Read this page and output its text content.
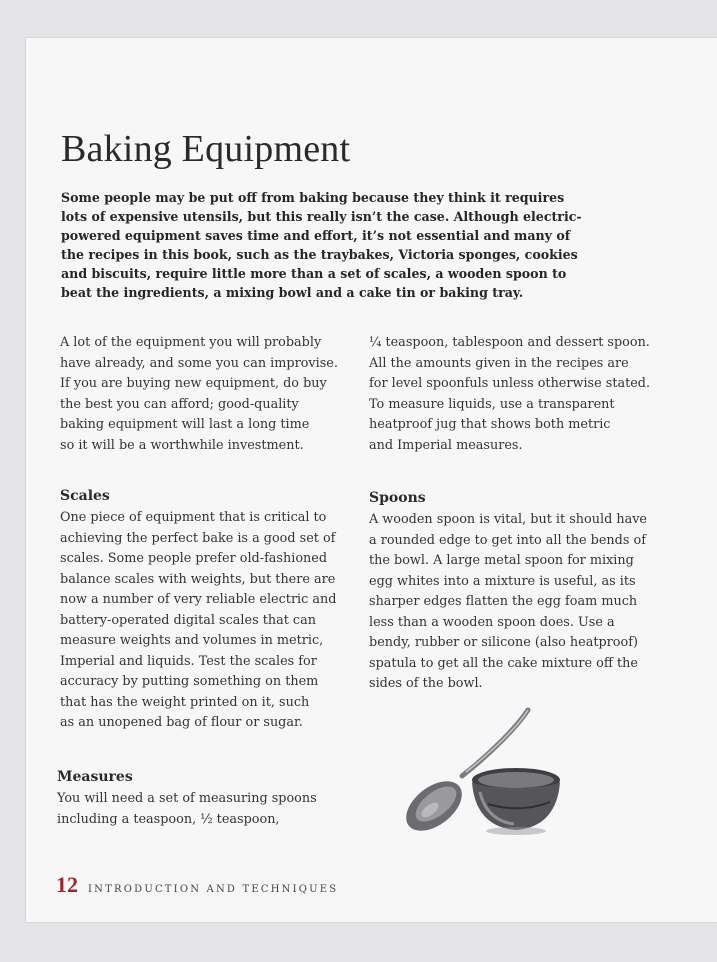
Baking Equipment
Some people may be put off from baking because they think it requires
lots of expensive utensils, but this really isn’t the case. Although electric-
powered equipment saves time and effort, it’s not essential and many of
the recipes in this book, such as the traybakes, Victoria sponges, cookies
and biscuits, require little more than a set of scales, a wooden spoon to
beat the ingredients, a mixing bowl and a cake tin or baking tray.
A lot of the equipment you will probably
have already, and some you can improvise.
If you are buying new equipment, do buy
the best you can afford; good-quality
baking equipment will last a long time
so it will be a worthwhile investment.
¼ teaspoon, tablespoon and dessert spoon.
All the amounts given in the recipes are
for level spoonfuls unless otherwise stated.
To measure liquids, use a transparent
heatproof jug that shows both metric
and Imperial measures.
Scales
One piece of equipment that is critical to
achieving the perfect bake is a good set of
scales. Some people prefer old-fashioned
balance scales with weights, but there are
now a number of very reliable electric and
battery-operated digital scales that can
measure weights and volumes in metric,
Imperial and liquids. Test the scales for
accuracy by putting something on them
that has the weight printed on it, such
as an unopened bag of flour or sugar.
Spoons
A wooden spoon is vital, but it should have
a rounded edge to get into all the bends of
the bowl. A large metal spoon for mixing
egg whites into a mixture is useful, as its
sharper edges flatten the egg foam much
less than a wooden spoon does. Use a
bendy, rubber or silicone (also heatproof)
spatula to get all the cake mixture off the
sides of the bowl.
Measures
You will need a set of measuring spoons
including a teaspoon, ½ teaspoon,
12 INTRODUCTION AND TECHNIQUES
